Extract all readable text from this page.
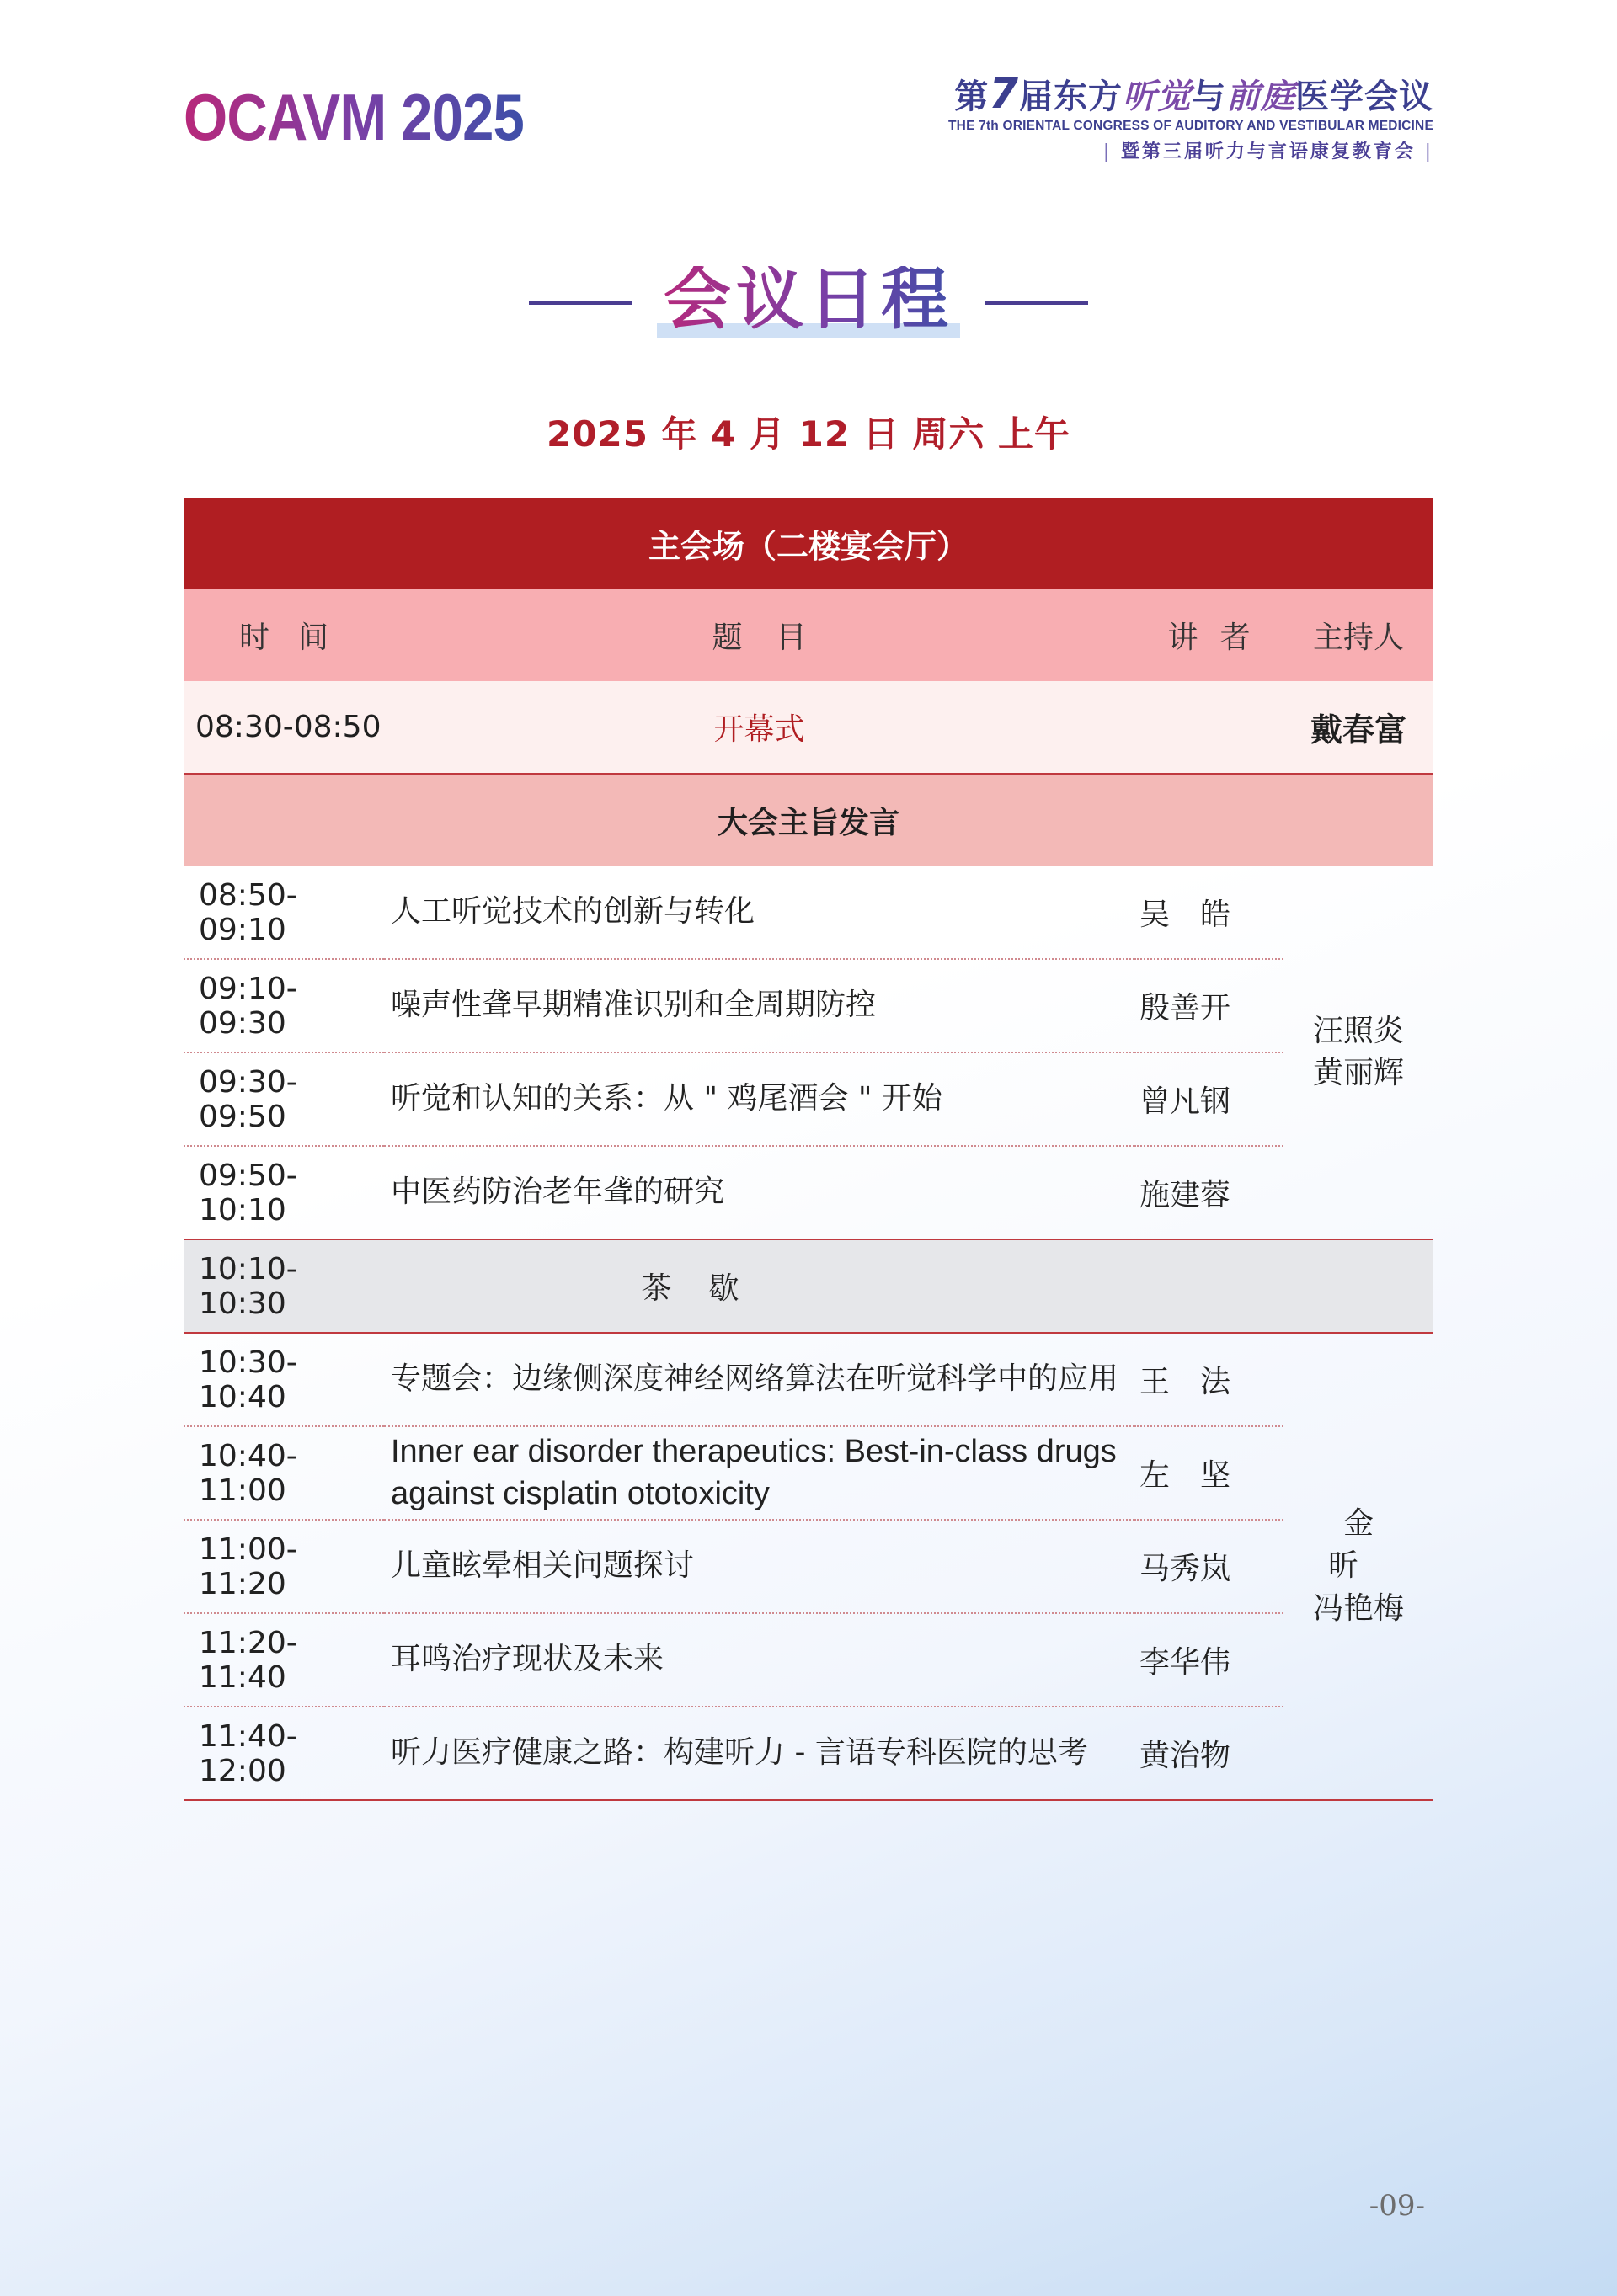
OCAVM 2025	第7届东方听觉与前庭医学会议
THE 7th ORIENTAL CONGRESS OF AUDITORY AND VESTIBULAR MEDICINE
| 暨第三届听力与言语康复教育会 |
会议日程
2025 年 4 月 12 日 周六 上午
主会场（二楼宴会厅）			
时间	题目	讲者	主持人
08:30-08:50	开幕式		戴春富
大会主旨发言			
08:50-09:10	人工听觉技术的创新与转化	吴皓	汪照炎
黄丽辉

09:10-09:30	噪声性聋早期精准识别和全周期防控	殷善开	
09:30-09:50	听觉和认知的关系：从 " 鸡尾酒会 " 开始	曾凡钢	
09:50-10:10	中医药防治老年聋的研究	施建蓉	
10:10-10:30	茶歇		
10:30-10:40	专题会：边缘侧深度神经网络算法在听觉科学中的应用	王法	金昕
冯艳梅

10:40-11:00	Inner ear disorder therapeutics: Best-in-class drugs against cisplatin ototoxicity	左坚	
11:00-11:20	儿童眩晕相关问题探讨	马秀岚	
11:20-11:40	耳鸣治疗现状及未来	李华伟	
11:40-12:00	听力医疗健康之路：构建听力 - 言语专科医院的思考	黄治物	
-09-
